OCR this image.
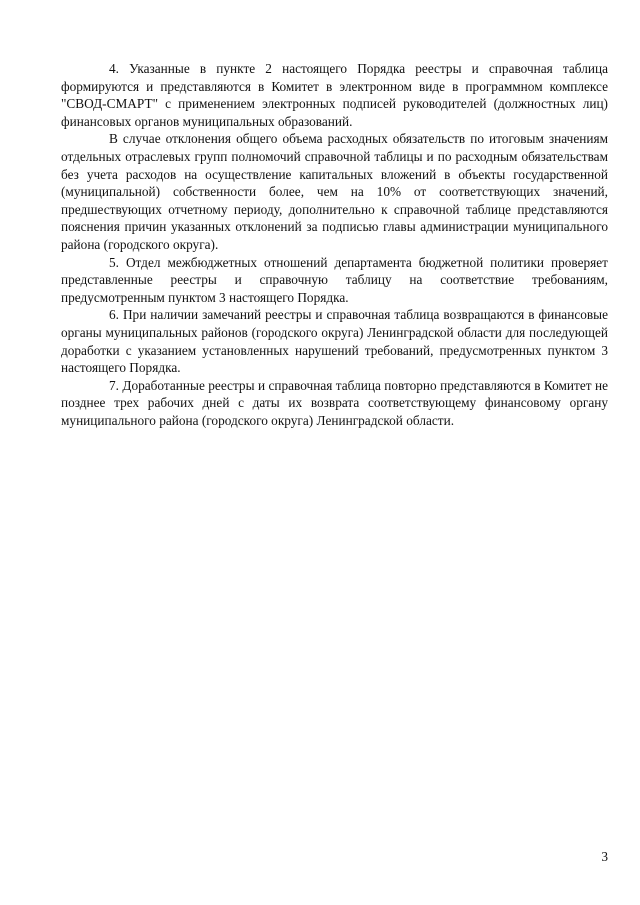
4. Указанные в пункте 2 настоящего Порядка реестры и справочная таблица формируются и представляются в Комитет в электронном виде в программном комплексе "СВОД-СМАРТ" с применением электронных подписей руководителей (должностных лиц) финансовых органов муниципальных образований.

В случае отклонения общего объема расходных обязательств по итоговым значениям отдельных отраслевых групп полномочий справочной таблицы и по расходным обязательствам без учета расходов на осуществление капитальных вложений в объекты государственной (муниципальной) собственности более, чем на 10% от соответствующих значений, предшествующих отчетному периоду, дополнительно к справочной таблице представляются пояснения причин указанных отклонений за подписью главы администрации муниципального района (городского округа).

5. Отдел межбюджетных отношений департамента бюджетной политики проверяет представленные реестры и справочную таблицу на соответствие требованиям, предусмотренным пунктом 3 настоящего Порядка.

6. При наличии замечаний реестры и справочная таблица возвращаются в финансовые органы муниципальных районов (городского округа) Ленинградской области для последующей доработки с указанием установленных нарушений требований, предусмотренных пунктом 3 настоящего Порядка.

7. Доработанные реестры и справочная таблица повторно представляются в Комитет не позднее трех рабочих дней с даты их возврата соответствующему финансовому органу муниципального района (городского округа) Ленинградской области.

3
